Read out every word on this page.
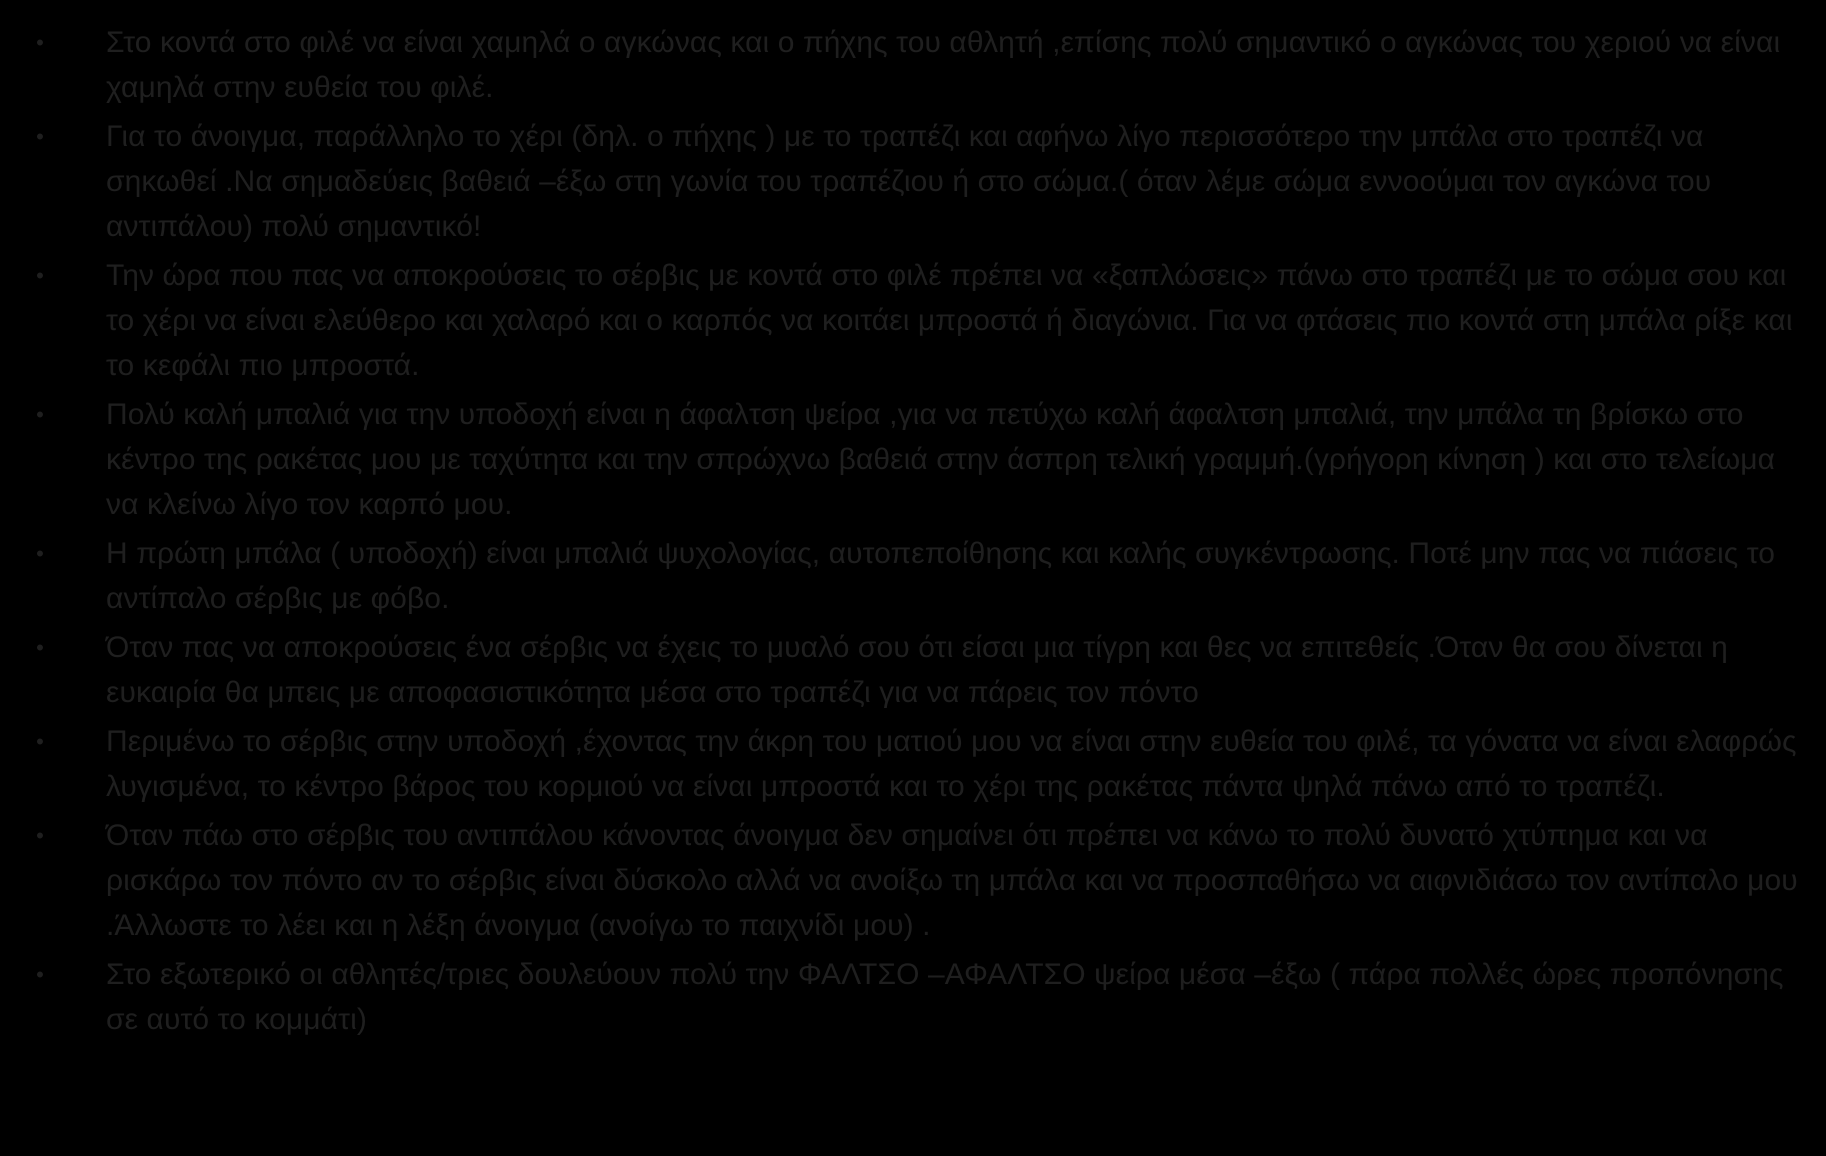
• Στο κοντά στο φιλέ να είναι χαμηλά ο αγκώνας και ο πήχης του αθλητή ,επίσης πολύ σημαντικό ο αγκώνας του χεριού να είναι χαμηλά στην ευθεία του φιλέ.
• Για το άνοιγμα, παράλληλο το χέρι (δηλ. ο πήχης ) με το τραπέζι και αφήνω λίγο περισσότερο την μπάλα στο τραπέζι να σηκωθεί .Να σημαδεύεις βαθειά –έξω στη γωνία του τραπέζιου ή στο σώμα.( όταν λέμε σώμα εννοούμαι τον αγκώνα του αντιπάλου) πολύ σημαντικό!
• Την ώρα που πας να αποκρούσεις το σέρβις με κοντά στο φιλέ πρέπει να «ξαπλώσεις» πάνω στο τραπέζι με το σώμα σου και το χέρι να είναι ελεύθερο και χαλαρό και ο καρπός να κοιτάει μπροστά ή διαγώνια. Για να φτάσεις πιο κοντά στη μπάλα ρίξε και το κεφάλι πιο μπροστά.
• Πολύ καλή μπαλιά για την υποδοχή είναι η άφαλτση ψείρα ,για να πετύχω καλή άφαλτση μπαλιά, την μπάλα τη βρίσκω στο κέντρο της ρακέτας μου με ταχύτητα και την σπρώχνω βαθειά στην άσπρη τελική γραμμή.(γρήγορη κίνηση ) και στο τελείωμα να κλείνω λίγο τον καρπό μου.
• Η πρώτη μπάλα ( υποδοχή) είναι μπαλιά ψυχολογίας, αυτοπεποίθησης και καλής συγκέντρωσης. Ποτέ μην πας να πιάσεις το αντίπαλο σέρβις με φόβο.
• Όταν πας να αποκρούσεις ένα σέρβις να έχεις το μυαλό σου ότι είσαι μια τίγρη και θες να επιτεθείς .Όταν θα σου δίνεται η ευκαιρία θα μπεις με αποφασιστικότητα μέσα στο τραπέζι για να πάρεις τον πόντο
• Περιμένω το σέρβις στην υποδοχή ,έχοντας την άκρη του ματιού μου να είναι στην ευθεία του φιλέ, τα γόνατα να είναι ελαφρώς λυγισμένα, το κέντρο βάρος του κορμιού να είναι μπροστά και το χέρι της ρακέτας πάντα ψηλά πάνω από το τραπέζι.
• Όταν πάω στο σέρβις του αντιπάλου κάνοντας άνοιγμα δεν σημαίνει ότι πρέπει να κάνω το πολύ δυνατό χτύπημα και να ρισκάρω τον πόντο αν το σέρβις είναι δύσκολο αλλά να ανοίξω τη μπάλα και να προσπαθήσω να αιφνιδιάσω τον αντίπαλο μου .Άλλωστε το λέει και η λέξη άνοιγμα (ανοίγω το παιχνίδι μου) .
• Στο εξωτερικό οι αθλητές/τριες δουλεύουν πολύ την ΦΑΛΤΣΟ –ΑΦΑΛΤΣΟ ψείρα μέσα –έξω ( πάρα πολλές ώρες προπόνησης σε αυτό το κομμάτι)
